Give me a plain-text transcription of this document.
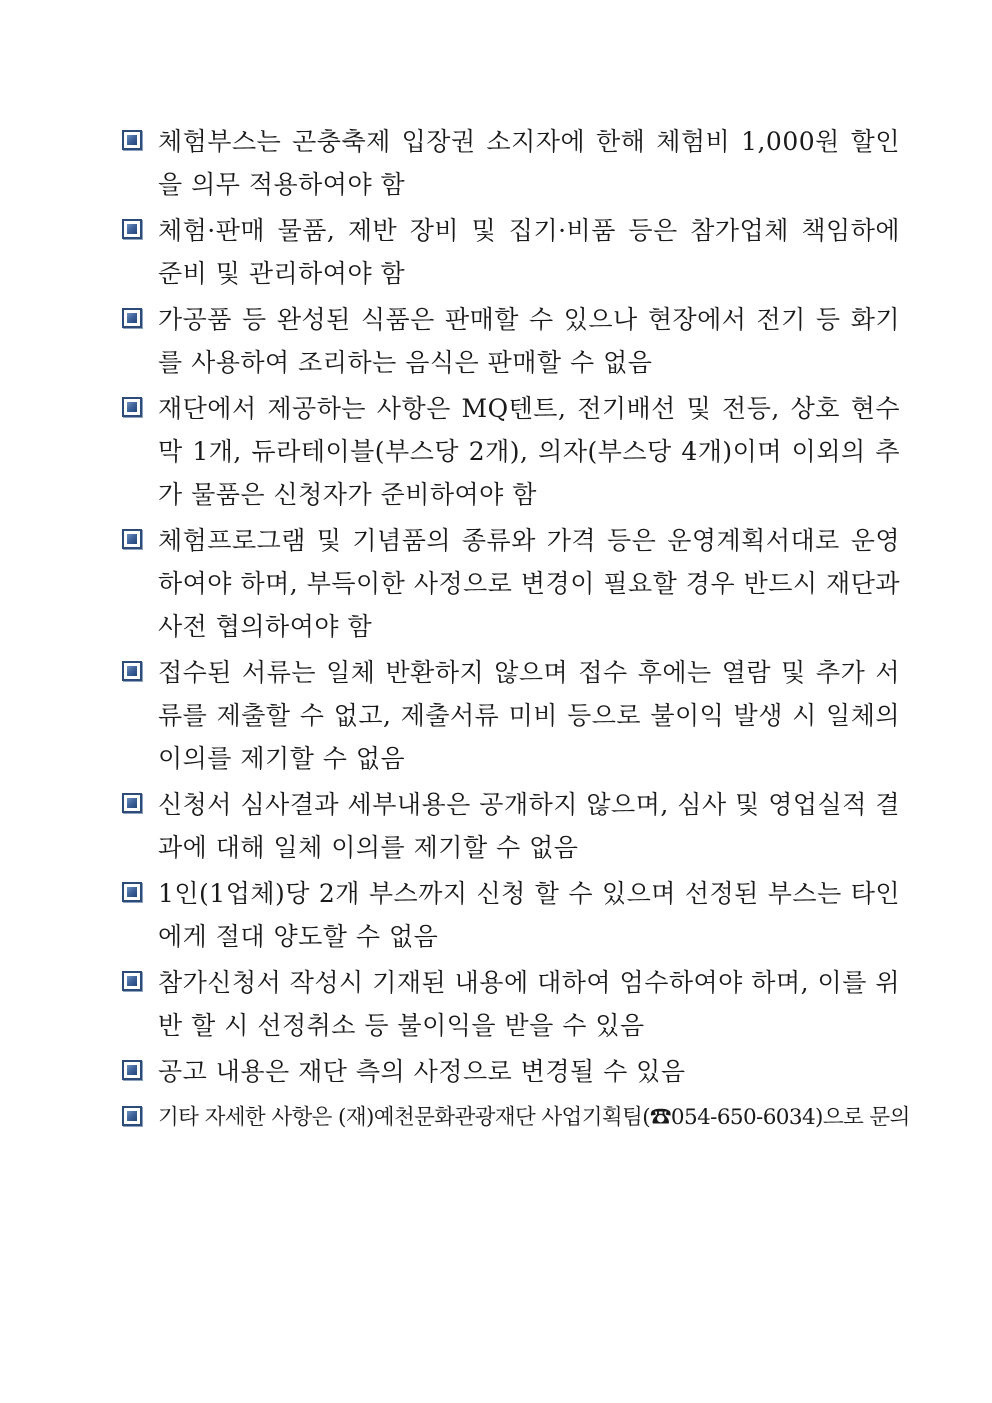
체험부스는 곤충축제 입장권 소지자에 한해 체험비 1,000원 할인을 의무 적용하여야 함
체험·판매 물품, 제반 장비 및 집기·비품 등은 참가업체 책임하에 준비 및 관리하여야 함
가공품 등 완성된 식품은 판매할 수 있으나 현장에서 전기 등 화기를 사용하여 조리하는 음식은 판매할 수 없음
재단에서 제공하는 사항은 MQ텐트, 전기배선 및 전등, 상호 현수막 1개, 듀라테이블(부스당 2개), 의자(부스당 4개)이며 이외의 추가 물품은 신청자가 준비하여야 함
체험프로그램 및 기념품의 종류와 가격 등은 운영계획서대로 운영하여야 하며, 부득이한 사정으로 변경이 필요할 경우 반드시 재단과 사전 협의하여야 함
접수된 서류는 일체 반환하지 않으며 접수 후에는 열람 및 추가 서류를 제출할 수 없고, 제출서류 미비 등으로 불이익 발생 시 일체의 이의를 제기할 수 없음
신청서 심사결과 세부내용은 공개하지 않으며, 심사 및 영업실적 결과에 대해 일체 이의를 제기할 수 없음
1인(1업체)당 2개 부스까지 신청 할 수 있으며 선정된 부스는 타인에게 절대 양도할 수 없음
참가신청서 작성시 기재된 내용에 대하여 엄수하여야 하며, 이를 위반 할 시 선정취소 등 불이익을 받을 수 있음
공고 내용은 재단 측의 사정으로 변경될 수 있음
기타 자세한 사항은 (재)예천문화관광재단 사업기획팀(☎054-650-6034)으로 문의
